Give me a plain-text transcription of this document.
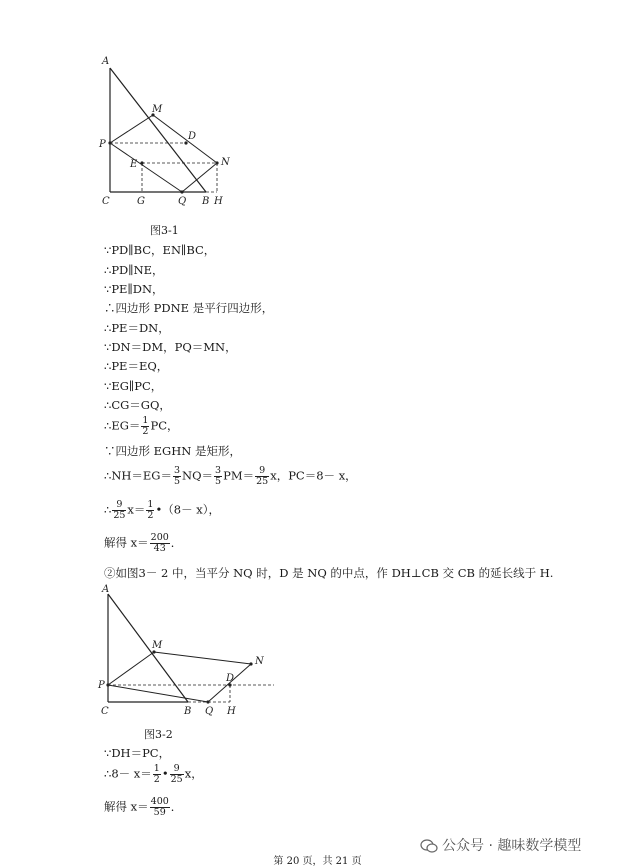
A
M
D
P
N
E
C	G	Q B H
图3-1
∵PD∥BC，EN∥BC，
∴PD∥NE，
∵PE∥DN，
∴四边形 PDNE 是平行四边形，
∴PE＝DN，
∵DN＝DM，PQ＝MN，
∴PE＝EQ，
∵EG∥PC，
∴CG＝GQ，
∴EG＝ $\frac{1}{2}$ PC，
∵四边形 EGHN 是矩形，
∴NH＝EG＝ $\frac{3}{5} NQ= \frac{3}{5} PM= \frac{9}{25}$ x，PC＝8－ x，
∴ $\frac{9}{25} x= \frac{1}{2}$ •（8－ x），
解得 $x= \frac{200}{43}$ ．
②如图3－ 2 中，当平分 NQ 时，D 是 NQ 的中点，作 DH⊥CB 交 CB 的延长线于 H.
A
M
N
P
D
C	B Q H
图3-2
∵DH＝PC，
∴8－ $x= \frac{1}{2}$ • $\frac{9}{25}$ x，
解得 $x= \frac{400}{59}$ ．
公众号 · 趣味数学模型
第 20 页，共 21 页
